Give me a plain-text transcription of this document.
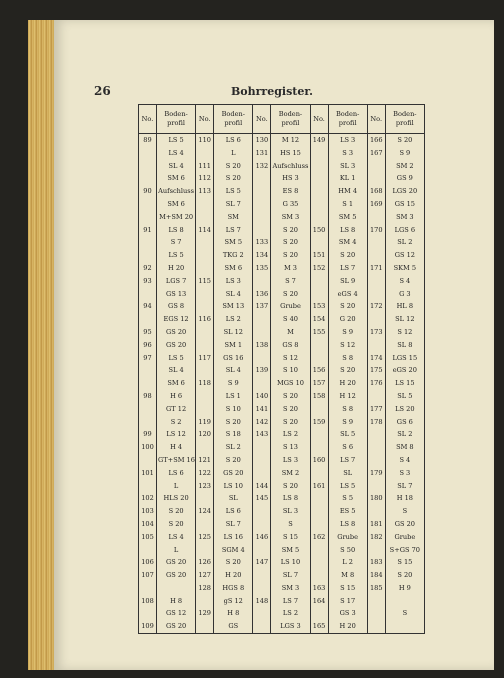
26	Bohrregister.
No.	Boden-profil	No.	Boden-profil	No.	Boden-profil	No.	Boden-profil	No.	Boden-profil
89	LS 5	110	LS 6	130	M 12	149	LS 3	166	S 20
	LS 4		L	131	HS 15		S 3	167	S 9
	SL 4	111	S 20	132	Aufschluss		SL 3		SM 2
	SM 6	112	S 20		HS 3		KL 1		GS 9
90	Aufschluss	113	LS 5		ES 8		HM 4	168	LGS 20
	SM 6		SL 7		G 35		S 1	169	GS 15
	M+SM 20		SM		SM 3		SM 5		SM 3
91	LS 8	114	LS 7		S 20	150	LS 8	170	LGS 6
	S 7		SM 5	133	S 20		SM 4		SL 2
	LS 5		TKG 2	134	S 20	151	S 20		GS 12
92	H 20		SM 6	135	M 3	152	LS 7	171	SKM 5
93	LGS 7	115	LS 3		S 7		SL 9		S 4
	GS 13		SL 4	136	S 20		eGS 4		G 3
94	GS 8		SM 13	137	Grube	153	S 20	172	HL 8
	EGS 12	116	LS 2		S 40	154	G 20		SL 12
95	GS 20		SL 12		M	155	S 9	173	S 12
96	GS 20		SM 1	138	GS 8		S 12		SL 8
97	LS 5	117	GS 16		S 12		S 8	174	LGS 15
	SL 4		SL 4	139	S 10	156	S 20	175	eGS 20
	SM 6	118	S 9		MGS 10	157	H 20	176	LS 15
98	H 6		LS 1	140	S 20	158	H 12		SL 5
	GT 12		S 10	141	S 20		S 8	177	LS 20
	S 2	119	S 20	142	S 20	159	S 9	178	GS 6
99	LS 12	120	S 18	143	LS 2		SL 5		SL 2
100	H 4		SL 2		S 13		S 6		SM 8
	GT+SM 16	121	S 20		LS 3	160	LS 7		S 4
101	LS 6	122	GS 20		SM 2		SL	179	S 3
	L	123	LS 10	144	S 20	161	LS 5		SL 7
102	HLS 20		SL	145	LS 8		S 5	180	H 18
103	S 20	124	LS 6		SL 3		ES 5		S
104	S 20		SL 7		S		LS 8	181	GS 20
105	LS 4	125	LS 16	146	S 15	162	Grube	182	Grube
	L		SGM 4		SM 5		S 50		S+GS 70
106	GS 20	126	S 20	147	LS 10		L 2	183	S 15
107	GS 20	127	H 20		SL 7		M 8	184	S 20
		128	HGS 8		SM 3	163	S 15	185	H 9
108	H 8		gS 12	148	LS 7	164	S 17		
	GS 12	129	H 8		LS 2		GS 3		S
109	GS 20		GS		LGS 3	165	H 20		
